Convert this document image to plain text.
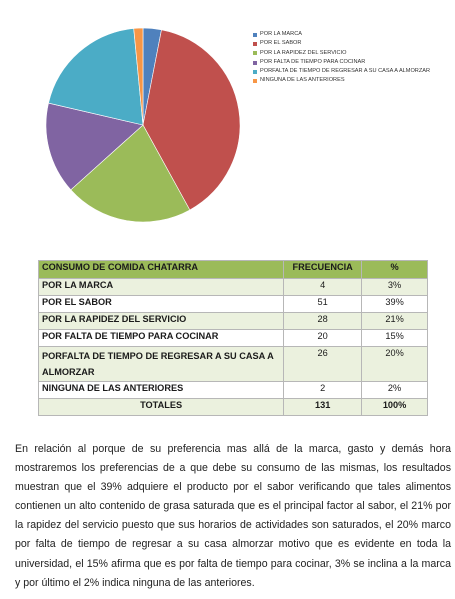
POR LA MARCA
POR EL SABOR
POR LA RAPIDEZ DEL SERVICIO
POR FALTA DE TIEMPO PARA COCINAR
PORFALTA DE TIEMPO DE REGRESAR A SU CASA A ALMORZAR
NINGUNA DE LAS ANTERIORES
CONSUMO DE COMIDA CHATARRA	FRECUENCIA	%
POR LA MARCA	4	3%
POR EL SABOR	51	39%
POR LA RAPIDEZ DEL SERVICIO	28	21%
POR FALTA DE TIEMPO PARA COCINAR	20	15%
PORFALTA DE TIEMPO DE REGRESAR A SU CASA A ALMORZAR	26	20%
NINGUNA DE LAS ANTERIORES	2	2%
TOTALES	131	100%

En relación al porque de su preferencia mas allá de la marca, gasto y demás hora mostraremos los preferencias de a que debe su consumo de las mismas, los resultados muestran que el 39% adquiere el producto por el sabor verificando que tales alimentos contienen un alto contenido de grasa saturada que es el principal factor al sabor, el 21% por la rapidez del servicio puesto que sus horarios de actividades son saturados, el 20% marco por falta de tiempo de regresar a su casa almorzar motivo que es evidente en toda la universidad, el 15% afirma que es por falta de tiempo para cocinar, 3% se inclina a la marca y por último el 2% indica ninguna de las anteriores.
